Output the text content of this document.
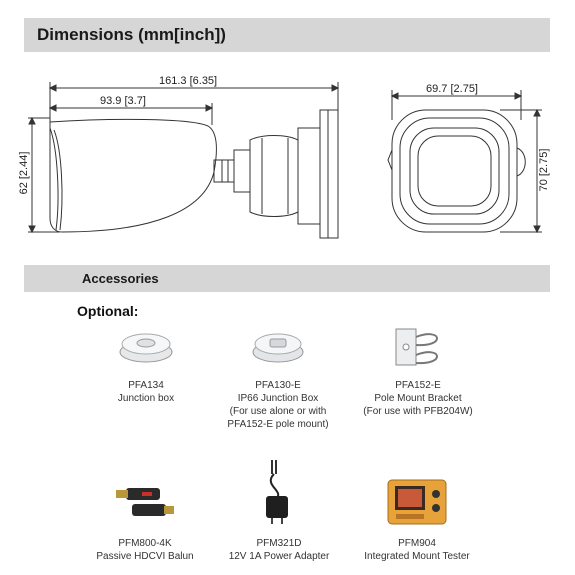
Dimensions (mm[inch])
161.3 [6.35]
93.9 [3.7]
62 [2.44]
69.7 [2.75]
70 [2.75]
Accessories
Optional:
PFA134
Junction box
PFA130-E
IP66 Junction Box
(For use alone or with
PFA152-E pole mount)
PFA152-E
Pole Mount Bracket
(For use with PFB204W)
PFM800-4K
Passive HDCVI Balun
PFM321D
12V 1A Power Adapter
PFM904
Integrated Mount Tester
